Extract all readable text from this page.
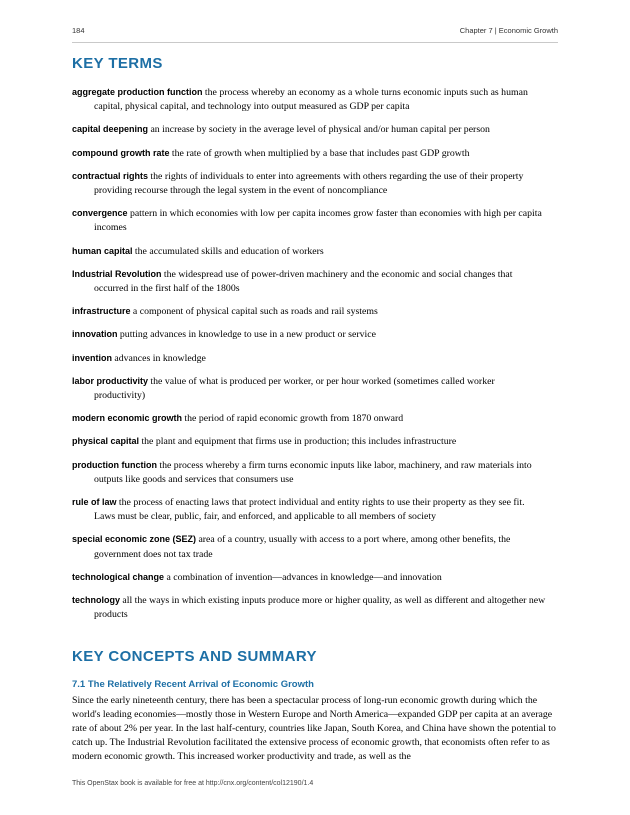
184	Chapter 7 | Economic Growth
KEY TERMS

aggregate production function the process whereby an economy as a whole turns economic inputs such as human
capital, physical capital, and technology into output measured as GDP per capita

capital deepening an increase by society in the average level of physical and/or human capital per person

compound growth rate the rate of growth when multiplied by a base that includes past GDP growth

contractual rights the rights of individuals to enter into agreements with others regarding the use of their property
providing recourse through the legal system in the event of noncompliance

convergence pattern in which economies with low per capita incomes grow faster than economies with high per capita
incomes

human capital the accumulated skills and education of workers

Industrial Revolution the widespread use of power-driven machinery and the economic and social changes that
occurred in the first half of the 1800s

infrastructure a component of physical capital such as roads and rail systems

innovation putting advances in knowledge to use in a new product or service

invention advances in knowledge

labor productivity the value of what is produced per worker, or per hour worked (sometimes called worker
productivity)

modern economic growth the period of rapid economic growth from 1870 onward

physical capital the plant and equipment that firms use in production; this includes infrastructure

production function the process whereby a firm turns economic inputs like labor, machinery, and raw materials into
outputs like goods and services that consumers use

rule of law the process of enacting laws that protect individual and entity rights to use their property as they see fit.
Laws must be clear, public, fair, and enforced, and applicable to all members of society

special economic zone (SEZ) area of a country, usually with access to a port where, among other benefits, the
government does not tax trade

technological change a combination of invention—advances in knowledge—and innovation

technology all the ways in which existing inputs produce more or higher quality, as well as different and altogether new
products

KEY CONCEPTS AND SUMMARY
7.1 The Relatively Recent Arrival of Economic Growth

Since the early nineteenth century, there has been a spectacular process of long-run economic growth during which the world's leading economies—mostly those in Western Europe and North America—expanded GDP per capita at an average rate of about 2% per year. In the last half-century, countries like Japan, South Korea, and China have shown the potential to catch up. The Industrial Revolution facilitated the extensive process of economic growth, that economists often refer to as modern economic growth. This increased worker productivity and trade, as well as the

This OpenStax book is available for free at http://cnx.org/content/col12190/1.4
